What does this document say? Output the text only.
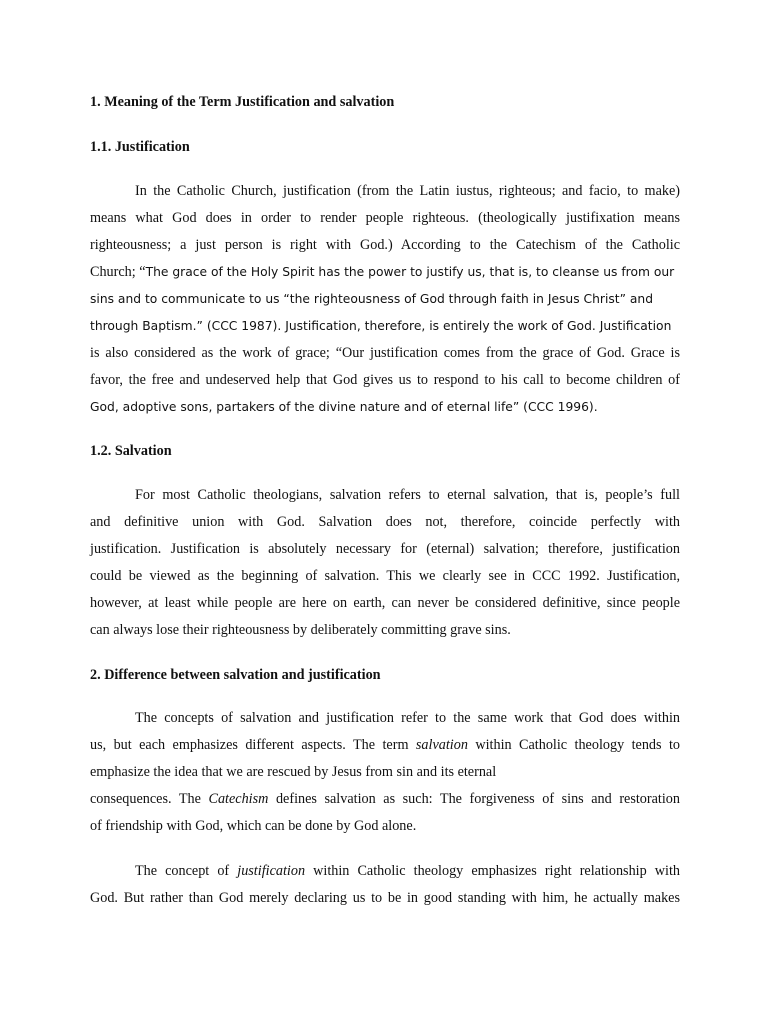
1. Meaning of the Term Justification and salvation
1.1. Justification
In the Catholic Church, justification (from the Latin iustus, righteous; and facio, to make)
means what God does in order to render people righteous. (theologically justifixation means
righteousness; a just person is right with God.) According to the Catechism of the Catholic
Church; “The grace of the Holy Spirit has the power to justify us, that is, to cleanse us from our
sins and to communicate to us “the righteousness of God through faith in Jesus Christ” and
through Baptism.” (CCC 1987). Justification, therefore, is entirely the work of God. Justification
is also considered as the work of grace; “Our justification comes from the grace of God. Grace is
favor, the free and undeserved help that God gives us to respond to his call to become children of
God, adoptive sons, partakers of the divine nature and of eternal life” (CCC 1996).
1.2. Salvation
For most Catholic theologians, salvation refers to eternal salvation, that is, people’s full
and definitive union with God. Salvation does not, therefore, coincide perfectly with
justification. Justification is absolutely necessary for (eternal) salvation; therefore, justification
could be viewed as the beginning of salvation. This we clearly see in CCC 1992. Justification,
however, at least while people are here on earth, can never be considered definitive, since people
can always lose their righteousness by deliberately committing grave sins.
2. Difference between salvation and justification
The concepts of salvation and justification refer to the same work that God does within
us, but each emphasizes different aspects. The term salvation within Catholic theology tends to
emphasize the idea that we are rescued by Jesus from sin and its eternal
consequences. The Catechism defines salvation as such: The forgiveness of sins and restoration
of friendship with God, which can be done by God alone.
The concept of justification within Catholic theology emphasizes right relationship with
God. But rather than God merely declaring us to be in good standing with him, he actually makes
